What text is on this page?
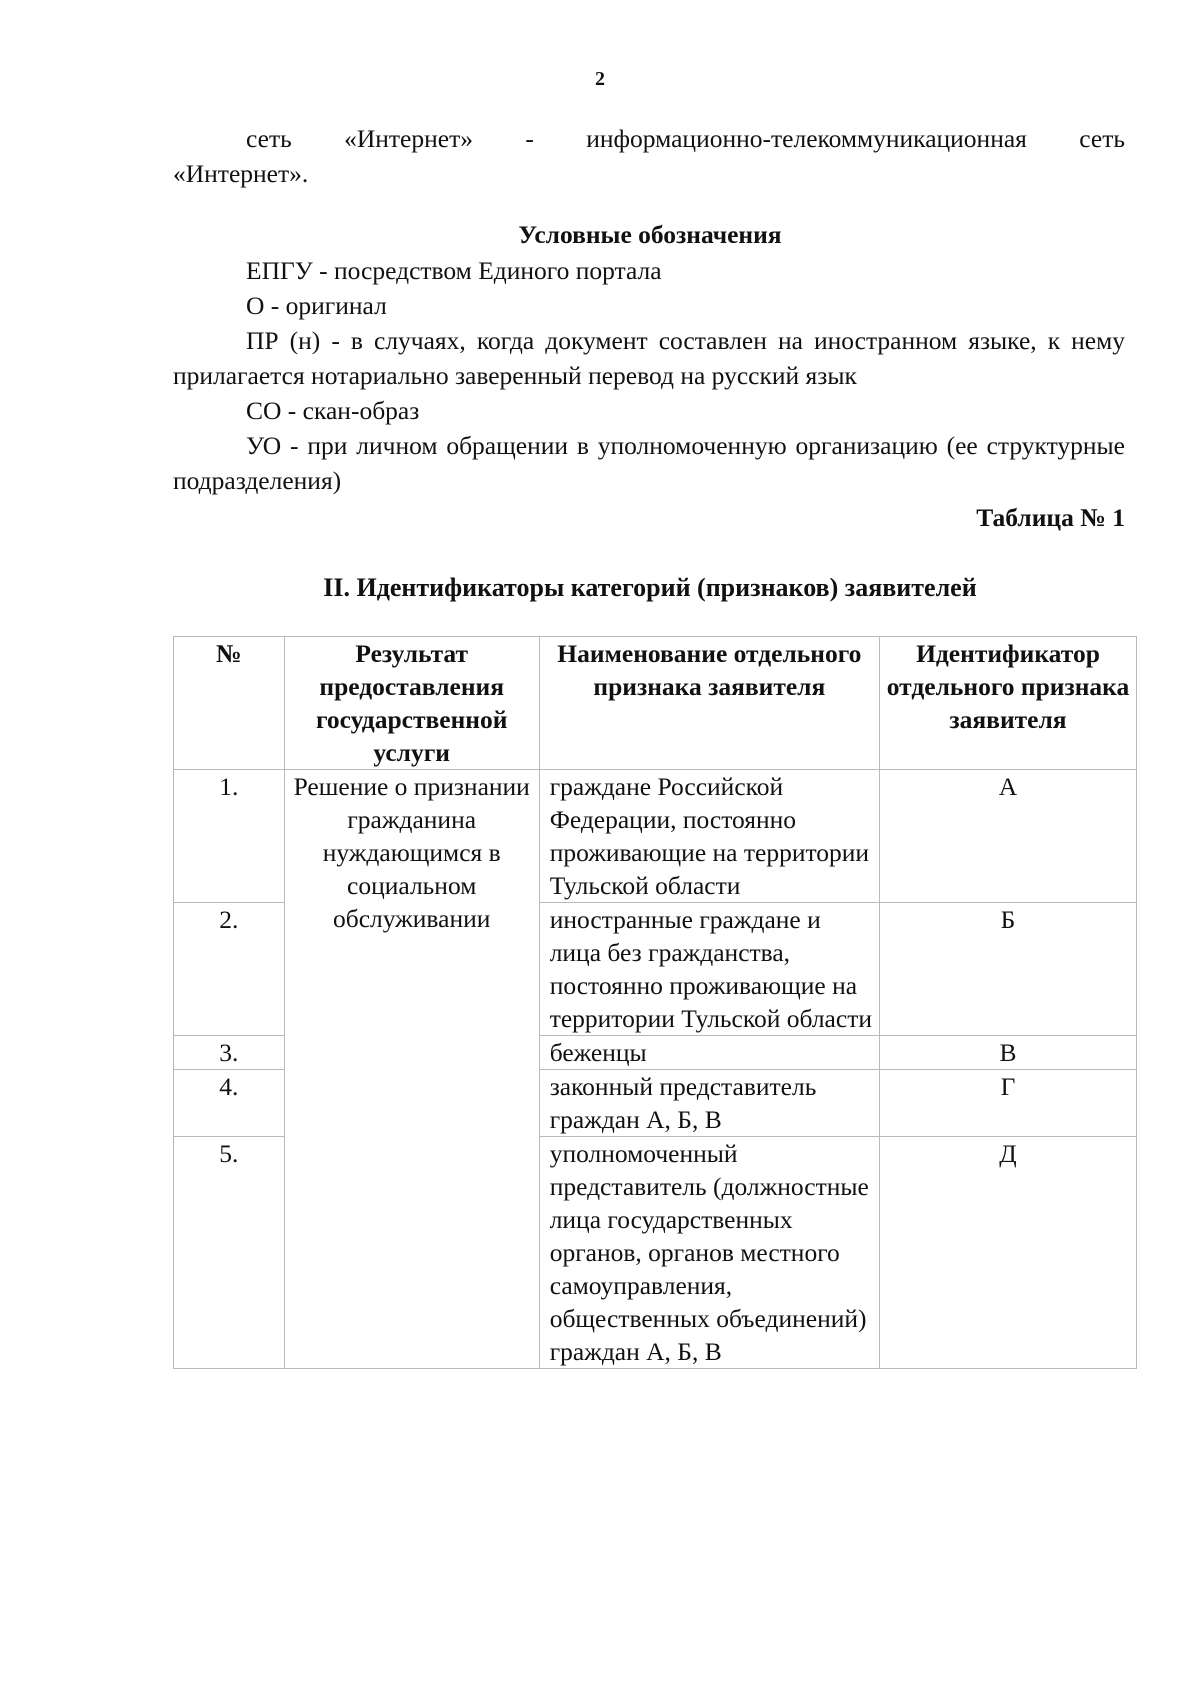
2
сеть «Интернет» - информационно-телекоммуникационная сеть
«Интернет».
Условные обозначения

ЕПГУ - посредством Единого портала

О - оригинал

ПР (н) - в случаях, когда документ составлен на иностранном языке, к нему прилагается нотариально заверенный перевод на русский язык

СО - скан-образ

УО - при личном обращении в уполномоченную организацию (ее структурные подразделения)

Таблица № 1
II. Идентификаторы категорий (признаков) заявителей
№	Результат предоставления государственной услуги	Наименование отдельного признака заявителя	Идентификатор отдельного признака заявителя
1.	Решение о признании гражданина нуждающимся в социальном обслуживании	граждане Российской Федерации, постоянно проживающие на территории Тульской области	А
2.		иностранные граждане и лица без гражданства, постоянно проживающие на территории Тульской области	Б
3.		беженцы	В
4.		законный представитель граждан А, Б, В	Г
5.		уполномоченный представитель (должностные лица государственных органов, органов местного самоуправления, общественных объединений) граждан А, Б, В	Д
